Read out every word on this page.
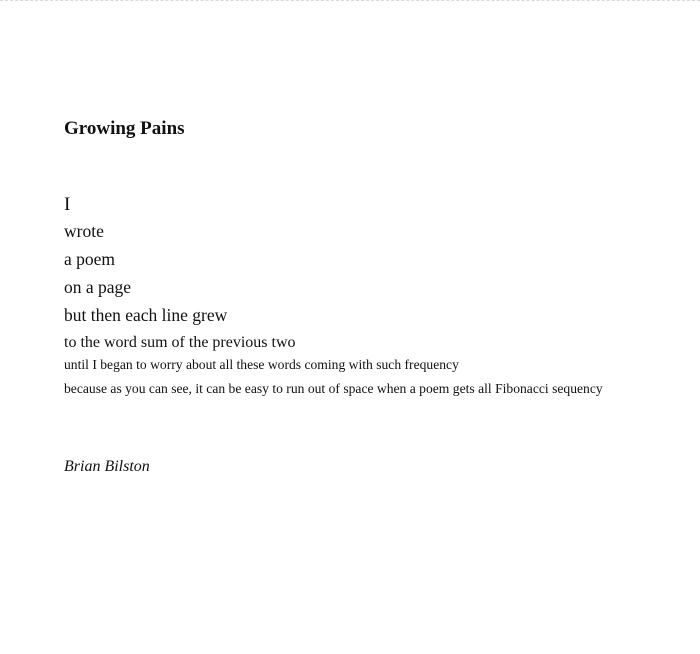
Growing Pains
I
wrote
a poem
on a page
but then each line grew
to the word sum of the previous two
until I began to worry about all these words coming with such frequency
because as you can see, it can be easy to run out of space when a poem gets all Fibonacci sequency
Brian Bilston
